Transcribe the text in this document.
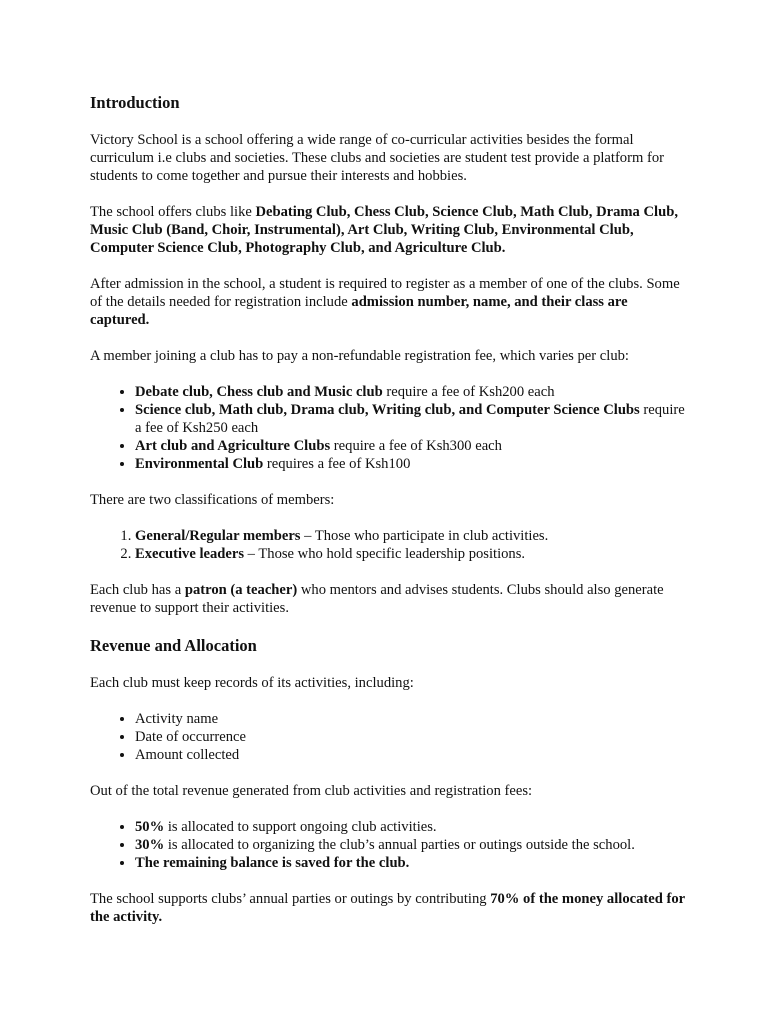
Introduction

Victory School is a school offering a wide range of co-curricular activities besides the formal curriculum i.e clubs and societies. These clubs and societies are student test provide a platform for students to come together and pursue their interests and hobbies.

The school offers clubs like Debating Club, Chess Club, Science Club, Math Club, Drama Club, Music Club (Band, Choir, Instrumental), Art Club, Writing Club, Environmental Club, Computer Science Club, Photography Club, and Agriculture Club.

After admission in the school, a student is required to register as a member of one of the clubs. Some of the details needed for registration include admission number, name, and their class are captured.

A member joining a club has to pay a non-refundable registration fee, which varies per club:

• Debate club, Chess club and Music club require a fee of Ksh200 each
• Science club, Math club, Drama club, Writing club, and Computer Science Clubs require a fee of Ksh250 each
• Art club and Agriculture Clubs require a fee of Ksh300 each
• Environmental Club requires a fee of Ksh100

There are two classifications of members:

1. General/Regular members – Those who participate in club activities.
2. Executive leaders – Those who hold specific leadership positions.

Each club has a patron (a teacher) who mentors and advises students. Clubs should also generate revenue to support their activities.

Revenue and Allocation

Each club must keep records of its activities, including:

• Activity name
• Date of occurrence
• Amount collected

Out of the total revenue generated from club activities and registration fees:

• 50% is allocated to support ongoing club activities.
• 30% is allocated to organizing the club’s annual parties or outings outside the school.
• The remaining balance is saved for the club.

The school supports clubs’ annual parties or outings by contributing 70% of the money allocated for the activity.
